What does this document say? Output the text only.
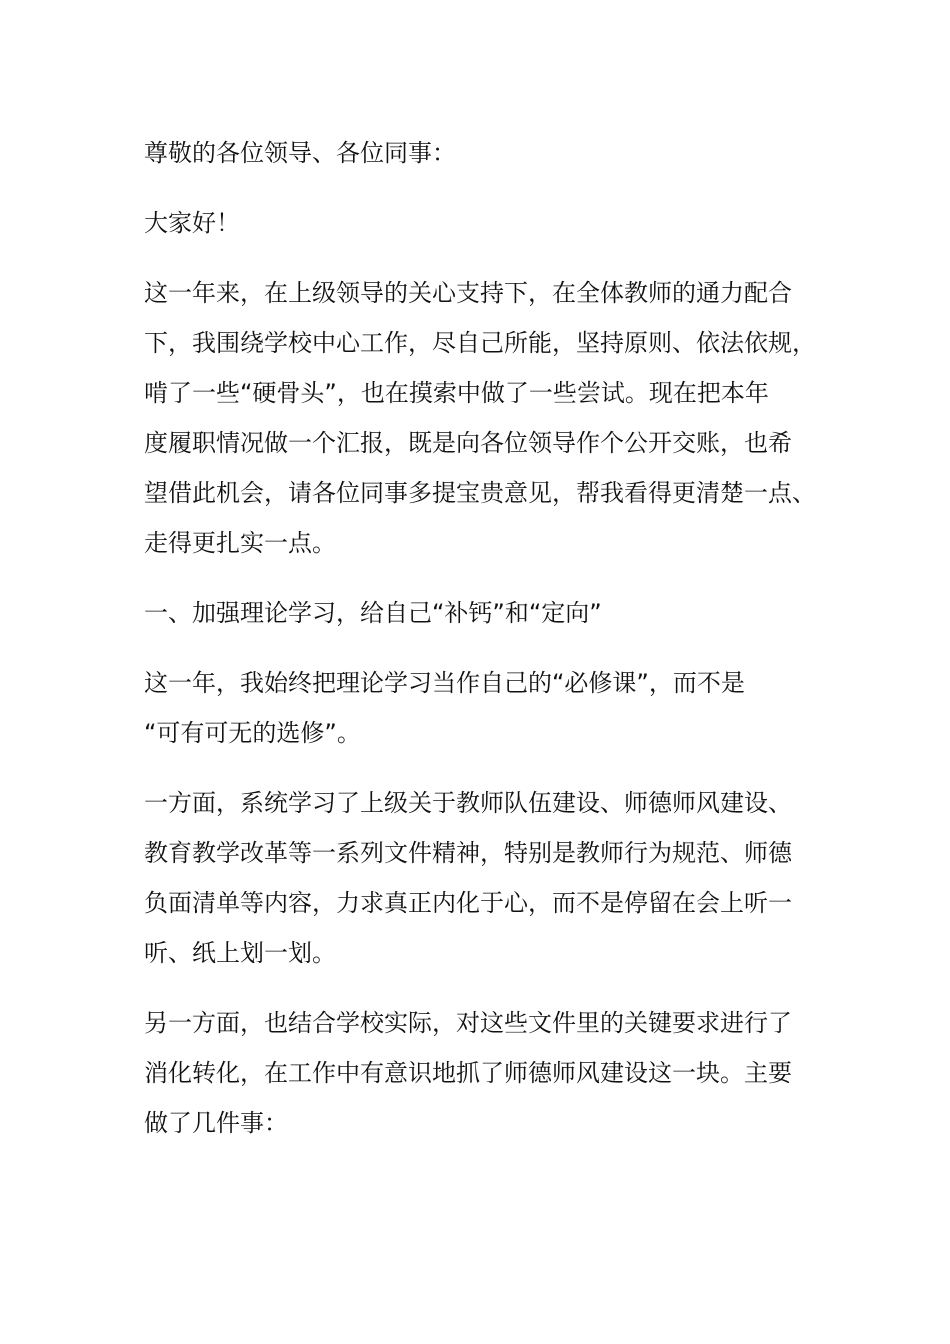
尊敬的各位领导、各位同事：
大家好！
这一年来，在上级领导的关心支持下，在全体教师的通力配合
下，我围绕学校中心工作，尽自己所能，坚持原则、依法依规，
啃了一些“硬骨头”，也在摸索中做了一些尝试。现在把本年
度履职情况做一个汇报，既是向各位领导作个公开交账，也希
望借此机会，请各位同事多提宝贵意见，帮我看得更清楚一点、
走得更扎实一点。
一、加强理论学习，给自己“补钙”和“定向”
这一年，我始终把理论学习当作自己的“必修课”，而不是
“可有可无的选修”。
一方面，系统学习了上级关于教师队伍建设、师德师风建设、
教育教学改革等一系列文件精神，特别是教师行为规范、师德
负面清单等内容，力求真正内化于心，而不是停留在会上听一
听、纸上划一划。
另一方面，也结合学校实际，对这些文件里的关键要求进行了
消化转化，在工作中有意识地抓了师德师风建设这一块。主要
做了几件事：
